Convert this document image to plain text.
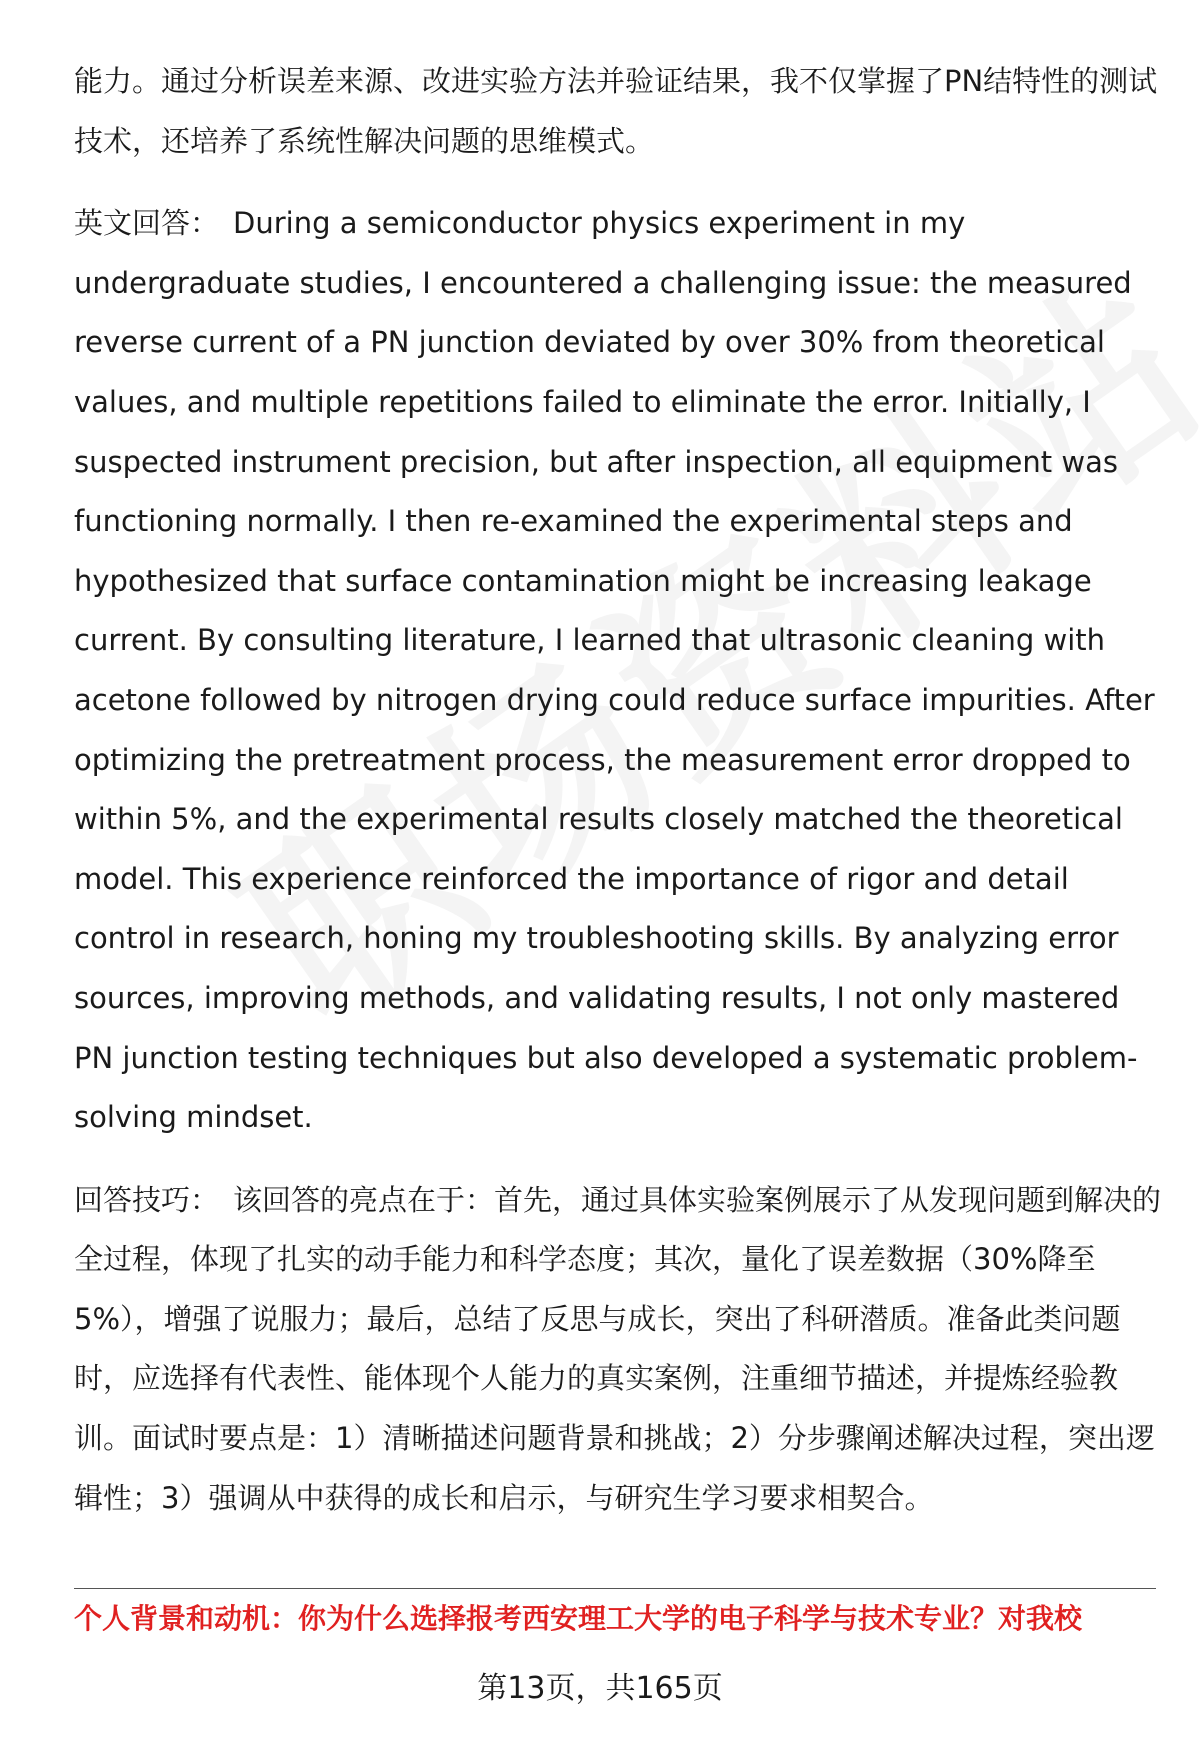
能力。通过分析误差来源、改进实验方法并验证结果，我不仅掌握了PN结特性的测试技术，还培养了系统性解决问题的思维模式。

英文回答： During a semiconductor physics experiment in my undergraduate studies, I encountered a challenging issue: the measured reverse current of a PN junction deviated by over 30% from theoretical values, and multiple repetitions failed to eliminate the error. Initially, I suspected instrument precision, but after inspection, all equipment was functioning normally. I then re-examined the experimental steps and hypothesized that surface contamination might be increasing leakage current. By consulting literature, I learned that ultrasonic cleaning with acetone followed by nitrogen drying could reduce surface impurities. After optimizing the pretreatment process, the measurement error dropped to within 5%, and the experimental results closely matched the theoretical model. This experience reinforced the importance of rigor and detail control in research, honing my troubleshooting skills. By analyzing error sources, improving methods, and validating results, I not only mastered PN junction testing techniques but also developed a systematic problem-solving mindset.

回答技巧： 该回答的亮点在于：首先，通过具体实验案例展示了从发现问题到解决的全过程，体现了扎实的动手能力和科学态度；其次，量化了误差数据（30%降至5%），增强了说服力；最后，总结了反思与成长，突出了科研潜质。准备此类问题时，应选择有代表性、能体现个人能力的真实案例，注重细节描述，并提炼经验教训。面试时要点是：1）清晰描述问题背景和挑战；2）分步骤阐述解决过程，突出逻辑性；3）强调从中获得的成长和启示，与研究生学习要求相契合。

个人背景和动机：你为什么选择报考西安理工大学的电子科学与技术专业？对我校
第13页，共165页
